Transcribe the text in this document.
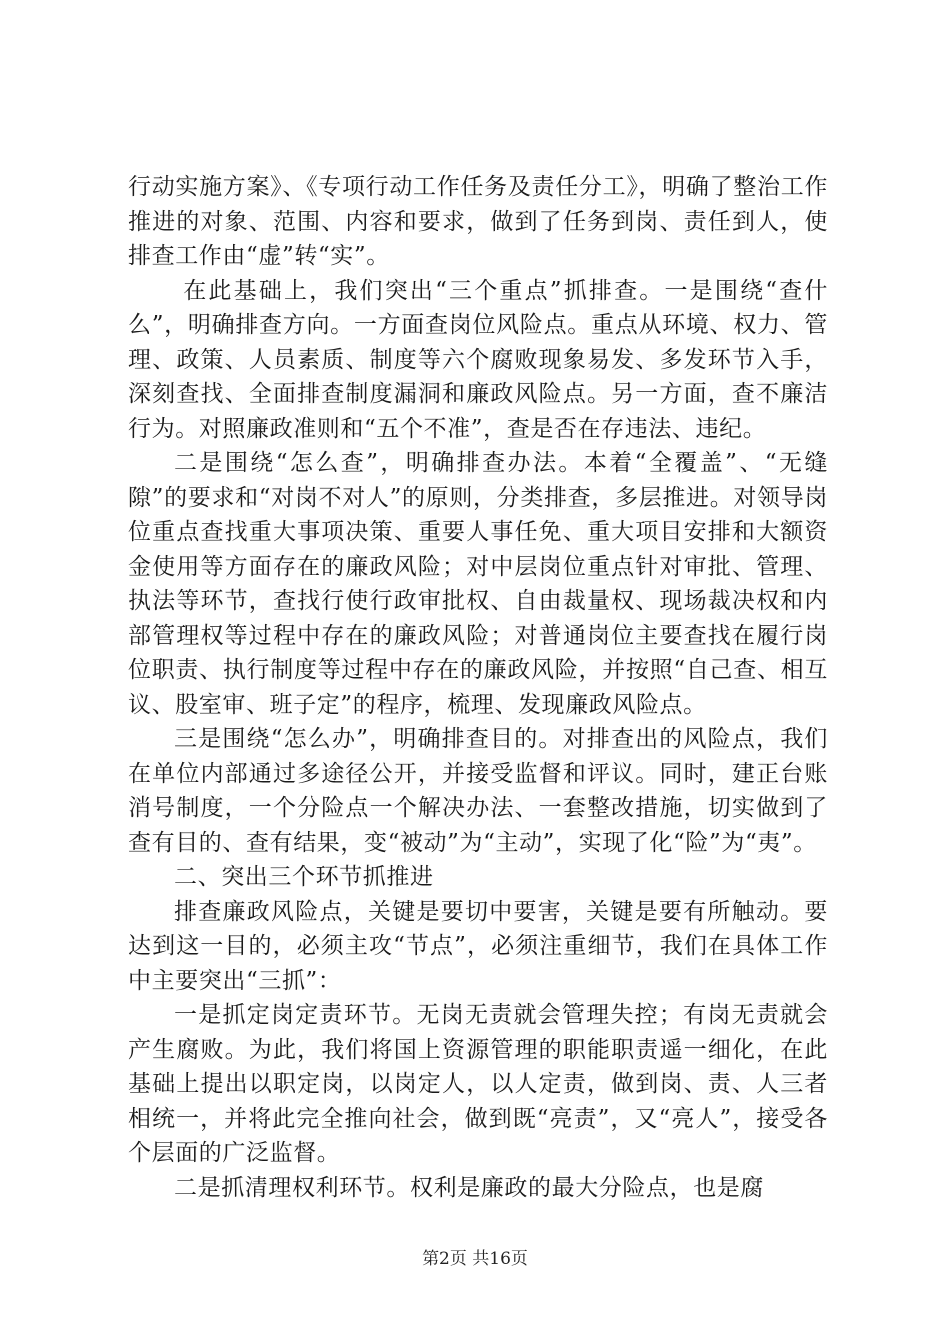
行动实施方案》、《专项行动工作任务及责任分工》，明确了整治工作推进的对象、范围、内容和要求，做到了任务到岗、责任到人，使排查工作由“虚”转“实”。

在此基础上，我们突出“三个重点”抓排查。一是围绕“查什么”，明确排查方向。一方面查岗位风险点。重点从环境、权力、管理、政策、人员素质、制度等六个腐败现象易发、多发环节入手，深刻查找、全面排查制度漏洞和廉政风险点。另一方面，查不廉洁行为。对照廉政准则和“五个不准”，查是否在存违法、违纪。

二是围绕“怎么查”，明确排查办法。本着“全覆盖”、“无缝隙”的要求和“对岗不对人”的原则，分类排查，多层推进。对领导岗位重点查找重大事项决策、重要人事任免、重大项目安排和大额资金使用等方面存在的廉政风险；对中层岗位重点针对审批、管理、执法等环节，查找行使行政审批权、自由裁量权、现场裁决权和内部管理权等过程中存在的廉政风险；对普通岗位主要查找在履行岗位职责、执行制度等过程中存在的廉政风险，并按照“自己查、相互议、股室审、班子定”的程序，梳理、发现廉政风险点。

三是围绕“怎么办”，明确排查目的。对排查出的风险点，我们在单位内部通过多途径公开，并接受监督和评议。同时，建正台账消号制度，一个分险点一个解决办法、一套整改措施，切实做到了查有目的、查有结果，变“被动”为“主动”，实现了化“险”为“夷”。

二、突出三个环节抓推进

排查廉政风险点，关键是要切中要害，关键是要有所触动。要达到这一目的，必须主攻“节点”，必须注重细节，我们在具体工作中主要突出“三抓”：

一是抓定岗定责环节。无岗无责就会管理失控；有岗无责就会产生腐败。为此，我们将国上资源管理的职能职责遥一细化，在此基础上提出以职定岗，以岗定人，以人定责，做到岗、责、人三者相统一，并将此完全推向社会，做到既“亮责”，又“亮人”，接受各个层面的广泛监督。

二是抓清理权利环节。权利是廉政的最大分险点，也是腐

第2页 共16页
